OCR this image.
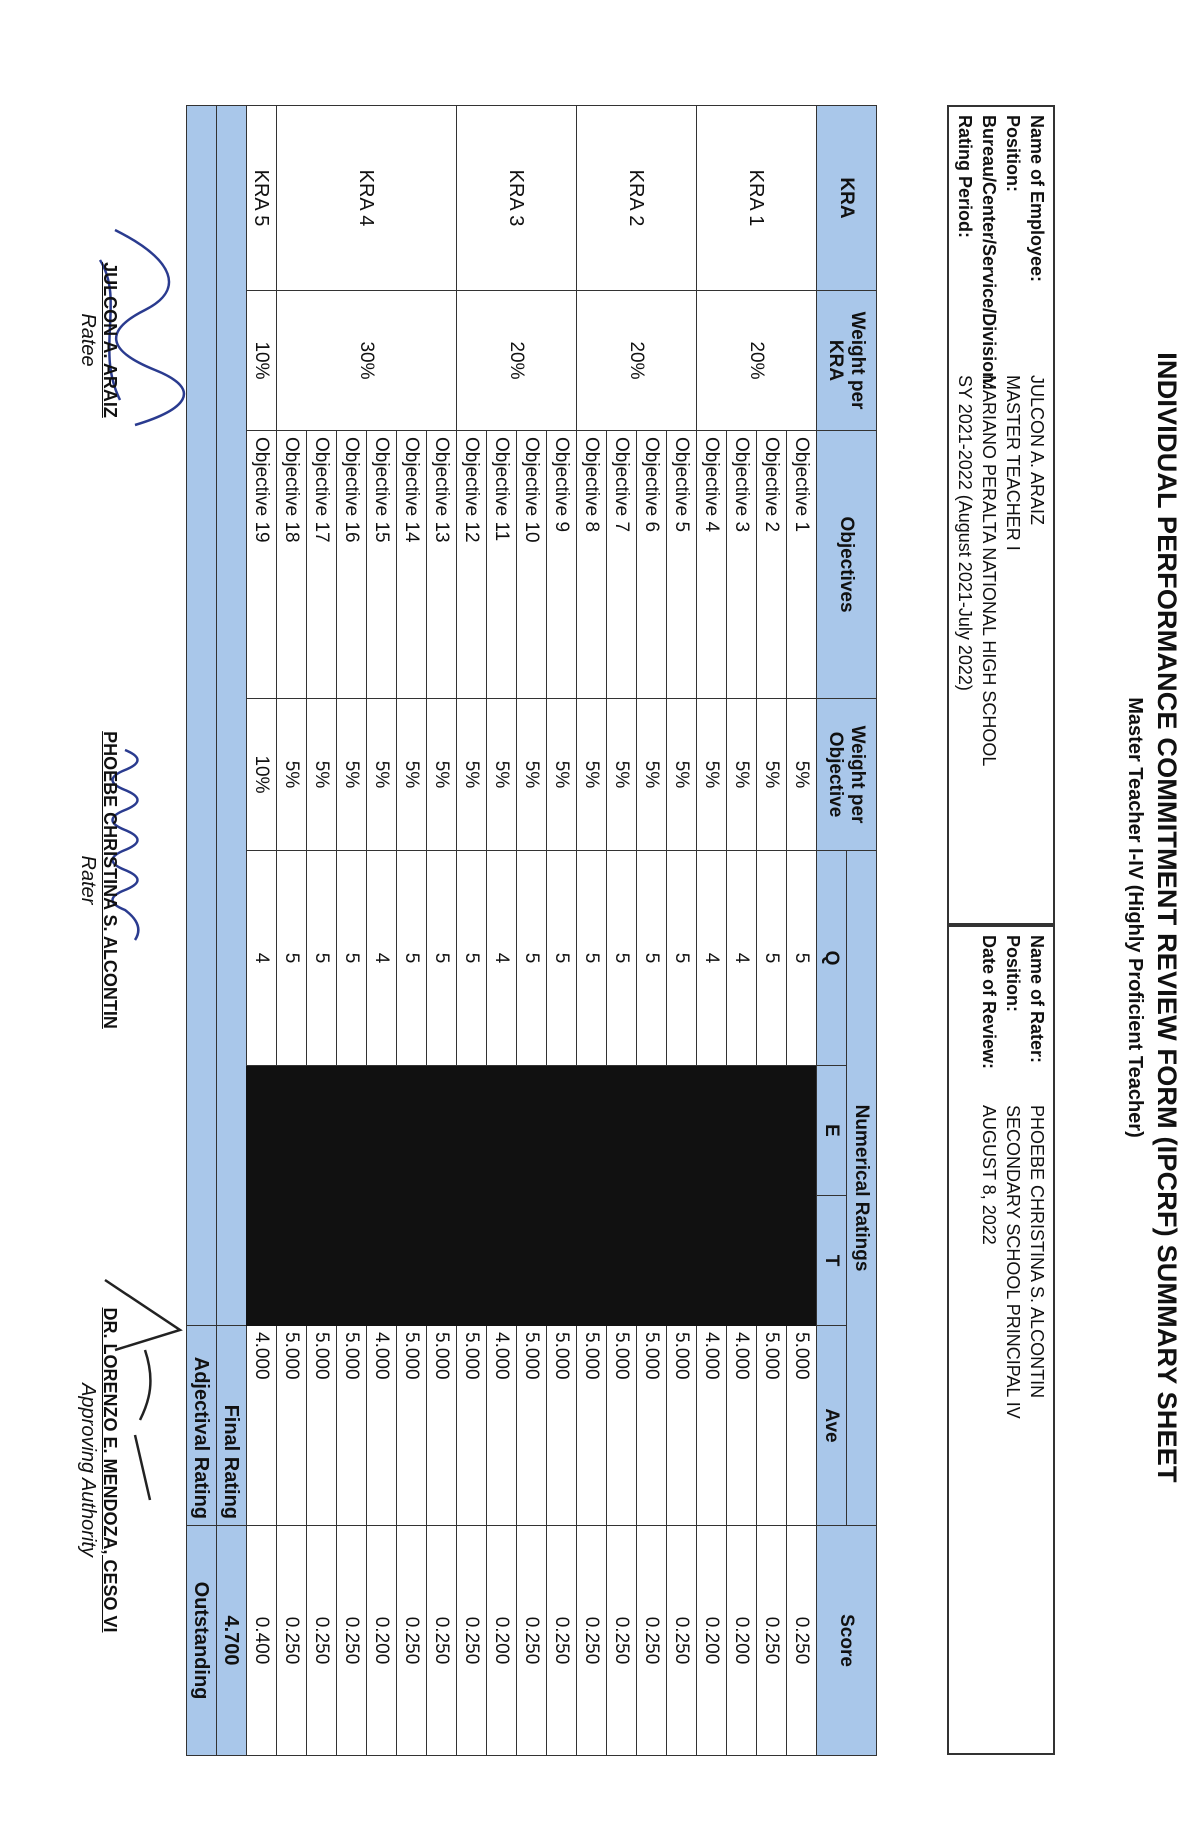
INDIVIDUAL PERFORMANCE COMMITMENT REVIEW FORM (IPCRF) SUMMARY SHEET
Master Teacher I-IV (Highly Proficient Teacher)
Name of Employee:
JULCON A. ARAIZ
Position:
MASTER TEACHER I
Bureau/Center/Service/Division:
MARIANO PERALTA NATIONAL HIGH SCHOOL
Rating Period:
SY 2021-2022 (August 2021-July 2022)
Name of Rater:
PHOEBE CHRISTINA S. ALCONTIN
Position:
SECONDARY SCHOOL PRINCIPAL IV
Date of Review:
AUGUST 8, 2022
KRA	Weight per KRA	Objectives	Weight per Objective	Numerical Ratings				Score
				Q	E	T	Ave	
KRA 1	20%	Objective 1	5%	5			5.000	0.250
		Objective 2	5%	5			5.000	0.250
		Objective 3	5%	4			4.000	0.200
		Objective 4	5%	4			4.000	0.200
KRA 2	20%	Objective 5	5%	5			5.000	0.250
		Objective 6	5%	5			5.000	0.250
		Objective 7	5%	5			5.000	0.250
		Objective 8	5%	5			5.000	0.250
KRA 3	20%	Objective 9	5%	5			5.000	0.250
		Objective 10	5%	5			5.000	0.250
		Objective 11	5%	4			4.000	0.200
		Objective 12	5%	5			5.000	0.250
KRA 4	30%	Objective 13	5%	5			5.000	0.250
		Objective 14	5%	5			5.000	0.250
		Objective 15	5%	4			4.000	0.200
		Objective 16	5%	5			5.000	0.250
		Objective 17	5%	5			5.000	0.250
		Objective 18	5%	5			5.000	0.250
KRA 5	10%	Objective 19	10%	4			4.000	0.400
							Final Rating	4.700
							Adjectival Rating	Outstanding
JULCON A. ARAIZ
Ratee
PHOEBE CHRISTINA S. ALCONTIN
Rater
DR. LORENZO E. MENDOZA, CESO VI
Approving Authority
